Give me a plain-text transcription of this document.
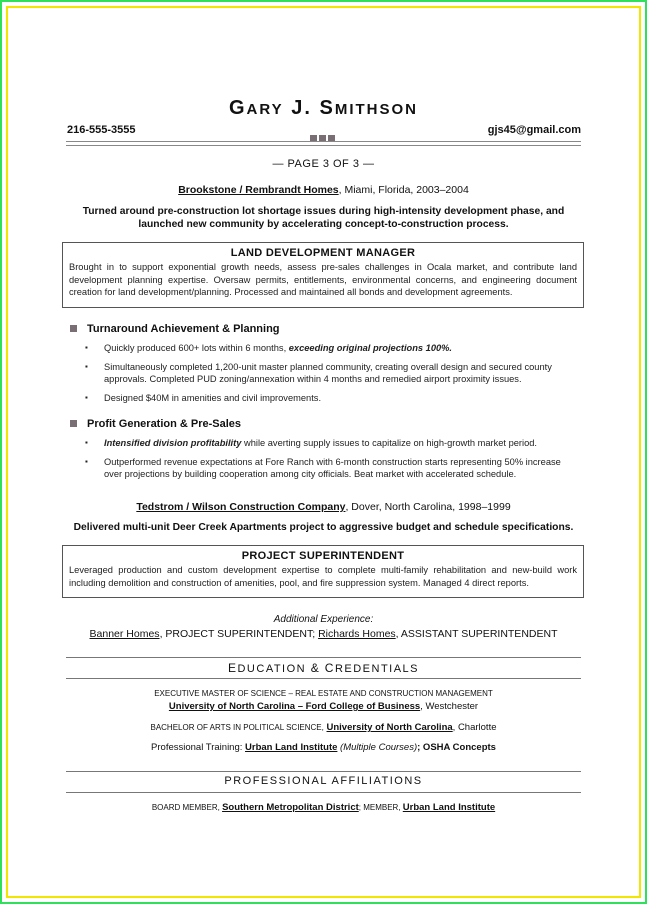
GARY J. SMITHSON
216-555-3555	gjs45@gmail.com
— PAGE 3 OF 3 —
Brookstone / Rembrandt Homes, Miami, Florida, 2003–2004
Turned around pre-construction lot shortage issues during high-intensity development phase, and launched new community by accelerating concept-to-construction process.
LAND DEVELOPMENT MANAGER
Brought in to support exponential growth needs, assess pre-sales challenges in Ocala market, and contribute land development planning expertise. Oversaw permits, entitlements, environmental concerns, and engineering document creation for land development/planning. Processed and maintained all bonds and development agreements.
Turnaround Achievement & Planning
▪ Quickly produced 600+ lots within 6 months, exceeding original projections 100%.
▪ Simultaneously completed 1,200-unit master planned community, creating overall design and secured county approvals. Completed PUD zoning/annexation within 4 months and remedied airport proximity issues.
▪ Designed $40M in amenities and civil improvements.
Profit Generation & Pre-Sales
▪ Intensified division profitability while averting supply issues to capitalize on high-growth market period.
▪ Outperformed revenue expectations at Fore Ranch with 6-month construction starts representing 50% increase over projections by building cooperation among city officials. Beat market with accelerated schedule.
Tedstrom / Wilson Construction Company, Dover, North Carolina, 1998–1999
Delivered multi-unit Deer Creek Apartments project to aggressive budget and schedule specifications.
PROJECT SUPERINTENDENT
Leveraged production and custom development expertise to complete multi-family rehabilitation and new-build work including demolition and construction of amenities, pool, and fire suppression system. Managed 4 direct reports.
Additional Experience:
Banner Homes, PROJECT SUPERINTENDENT; Richards Homes, ASSISTANT SUPERINTENDENT
EDUCATION & CREDENTIALS
EXECUTIVE MASTER OF SCIENCE – REAL ESTATE AND CONSTRUCTION MANAGEMENT
University of North Carolina – Ford College of Business, Westchester
BACHELOR OF ARTS IN POLITICAL SCIENCE, University of North Carolina, Charlotte
Professional Training: Urban Land Institute (Multiple Courses); OSHA Concepts
PROFESSIONAL AFFILIATIONS
BOARD MEMBER, Southern Metropolitan District; MEMBER, Urban Land Institute
